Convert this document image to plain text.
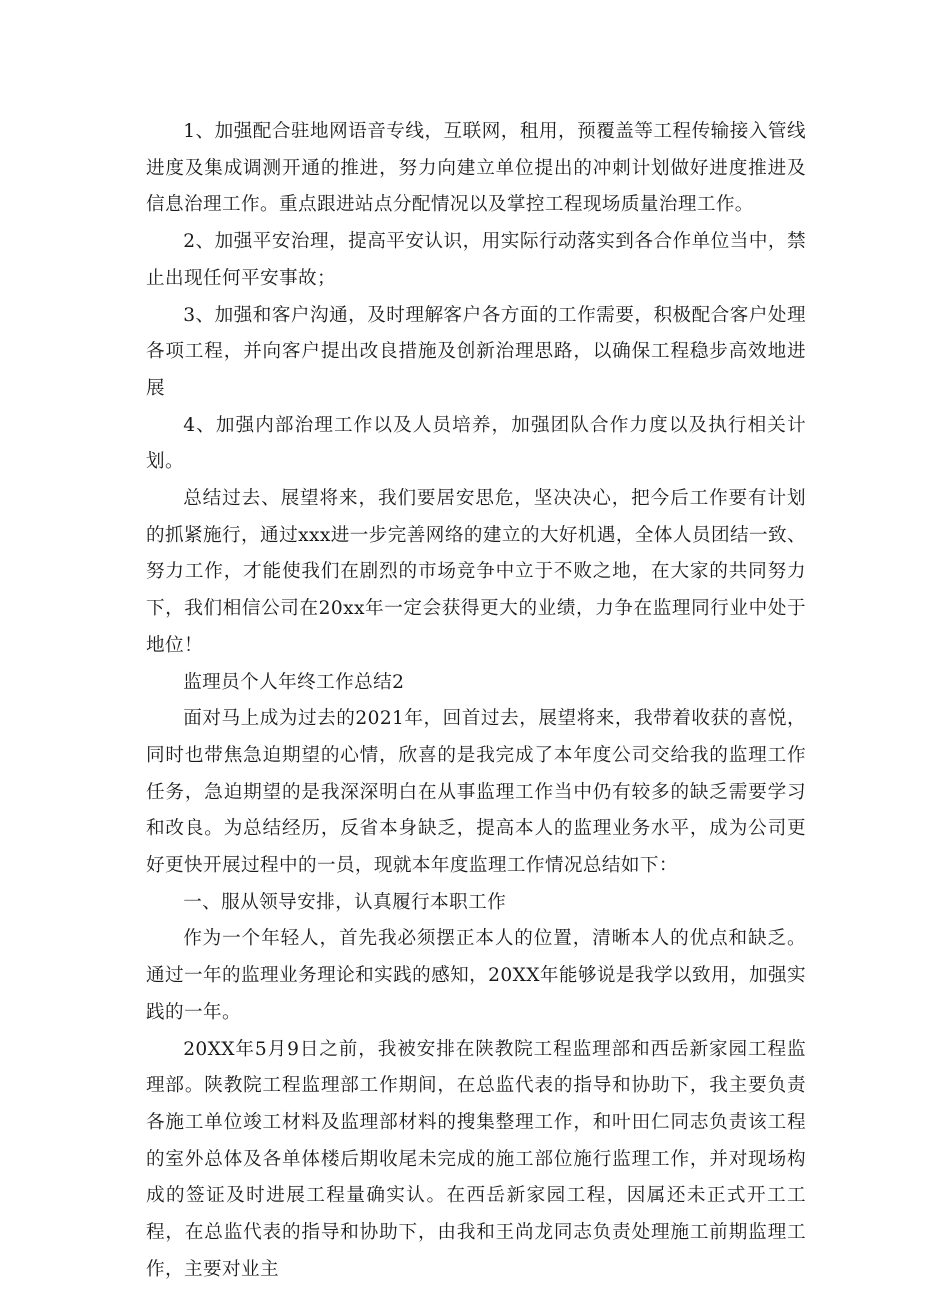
1、加强配合驻地网语音专线，互联网，租用，预覆盖等工程传输接入管线进度及集成调测开通的推进，努力向建立单位提出的冲刺计划做好进度推进及信息治理工作。重点跟进站点分配情况以及掌控工程现场质量治理工作。

2、加强平安治理，提高平安认识，用实际行动落实到各合作单位当中，禁止出现任何平安事故；

3、加强和客户沟通，及时理解客户各方面的工作需要，积极配合客户处理各项工程，并向客户提出改良措施及创新治理思路，以确保工程稳步高效地进展

4、加强内部治理工作以及人员培养，加强团队合作力度以及执行相关计划。

总结过去、展望将来，我们要居安思危，坚决决心，把今后工作要有计划的抓紧施行，通过xxx进一步完善网络的建立的大好机遇，全体人员团结一致、努力工作，才能使我们在剧烈的市场竞争中立于不败之地，在大家的共同努力下，我们相信公司在20xx年一定会获得更大的业绩，力争在监理同行业中处于地位！

监理员个人年终工作总结2

面对马上成为过去的2021年，回首过去，展望将来，我带着收获的喜悦，同时也带焦急迫期望的心情，欣喜的是我完成了本年度公司交给我的监理工作任务，急迫期望的是我深深明白在从事监理工作当中仍有较多的缺乏需要学习和改良。为总结经历，反省本身缺乏，提高本人的监理业务水平，成为公司更好更快开展过程中的一员，现就本年度监理工作情况总结如下：

一、服从领导安排，认真履行本职工作

作为一个年轻人，首先我必须摆正本人的位置，清晰本人的优点和缺乏。通过一年的监理业务理论和实践的感知，20XX年能够说是我学以致用，加强实践的一年。

20XX年5月9日之前，我被安排在陕教院工程监理部和西岳新家园工程监理部。陕教院工程监理部工作期间，在总监代表的指导和协助下，我主要负责各施工单位竣工材料及监理部材料的搜集整理工作，和叶田仁同志负责该工程的室外总体及各单体楼后期收尾未完成的施工部位施行监理工作，并对现场构成的签证及时进展工程量确实认。在西岳新家园工程，因属还未正式开工工程，在总监代表的指导和协助下，由我和王尚龙同志负责处理施工前期监理工作，主要对业主
